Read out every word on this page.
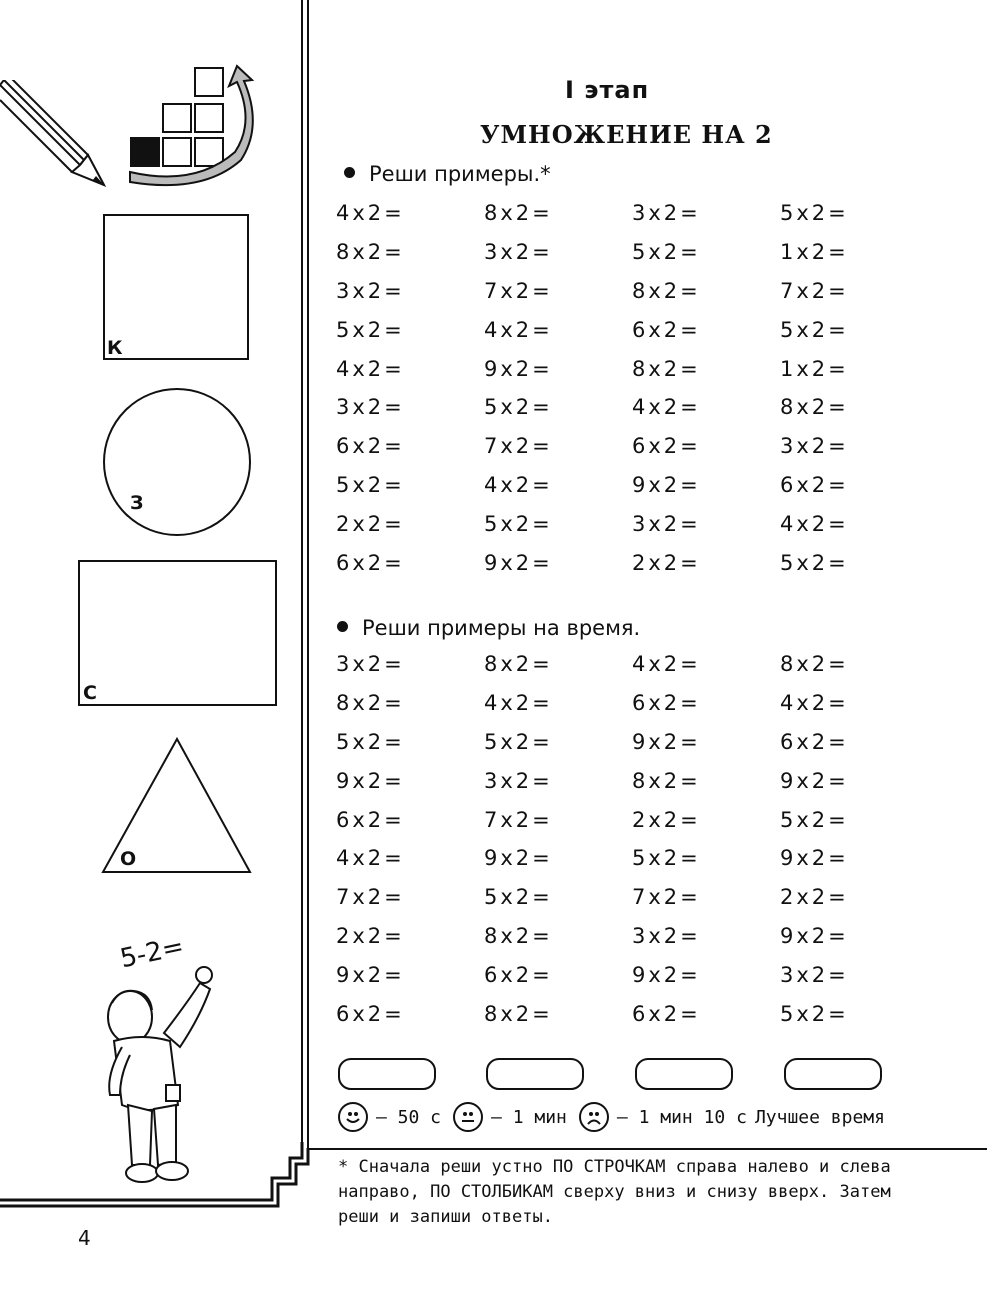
К
З
С
О
5-2=
4
I этап
УМНОЖЕНИЕ НА 2
Реши примеры.*
4x2=	8x2=	3x2=	5x2=
8x2=	3x2=	5x2=	1x2=
3x2=	7x2=	8x2=	7x2=
5x2=	4x2=	6x2=	5x2=
4x2=	9x2=	8x2=	1x2=
3x2=	5x2=	4x2=	8x2=
6x2=	7x2=	6x2=	3x2=
5x2=	4x2=	9x2=	6x2=
2x2=	5x2=	3x2=	4x2=
6x2=	9x2=	2x2=	5x2=
Реши примеры на время.
3x2=	8x2=	4x2=	8x2=
8x2=	4x2=	6x2=	4x2=
5x2=	5x2=	9x2=	6x2=
9x2=	3x2=	8x2=	9x2=
6x2=	7x2=	2x2=	5x2=
4x2=	9x2=	5x2=	9x2=
7x2=	5x2=	7x2=	2x2=
2x2=	8x2=	3x2=	9x2=
9x2=	6x2=	9x2=	3x2=
6x2=	8x2=	6x2=	5x2=
— 50 с	— 1 мин	— 1 мин 10 с Лучшее время
* Сначала реши устно ПО СТРОЧКАМ справа налево и слева направо, ПО СТОЛБИКАМ сверху вниз и снизу вверх. Затем реши и запиши ответы.
